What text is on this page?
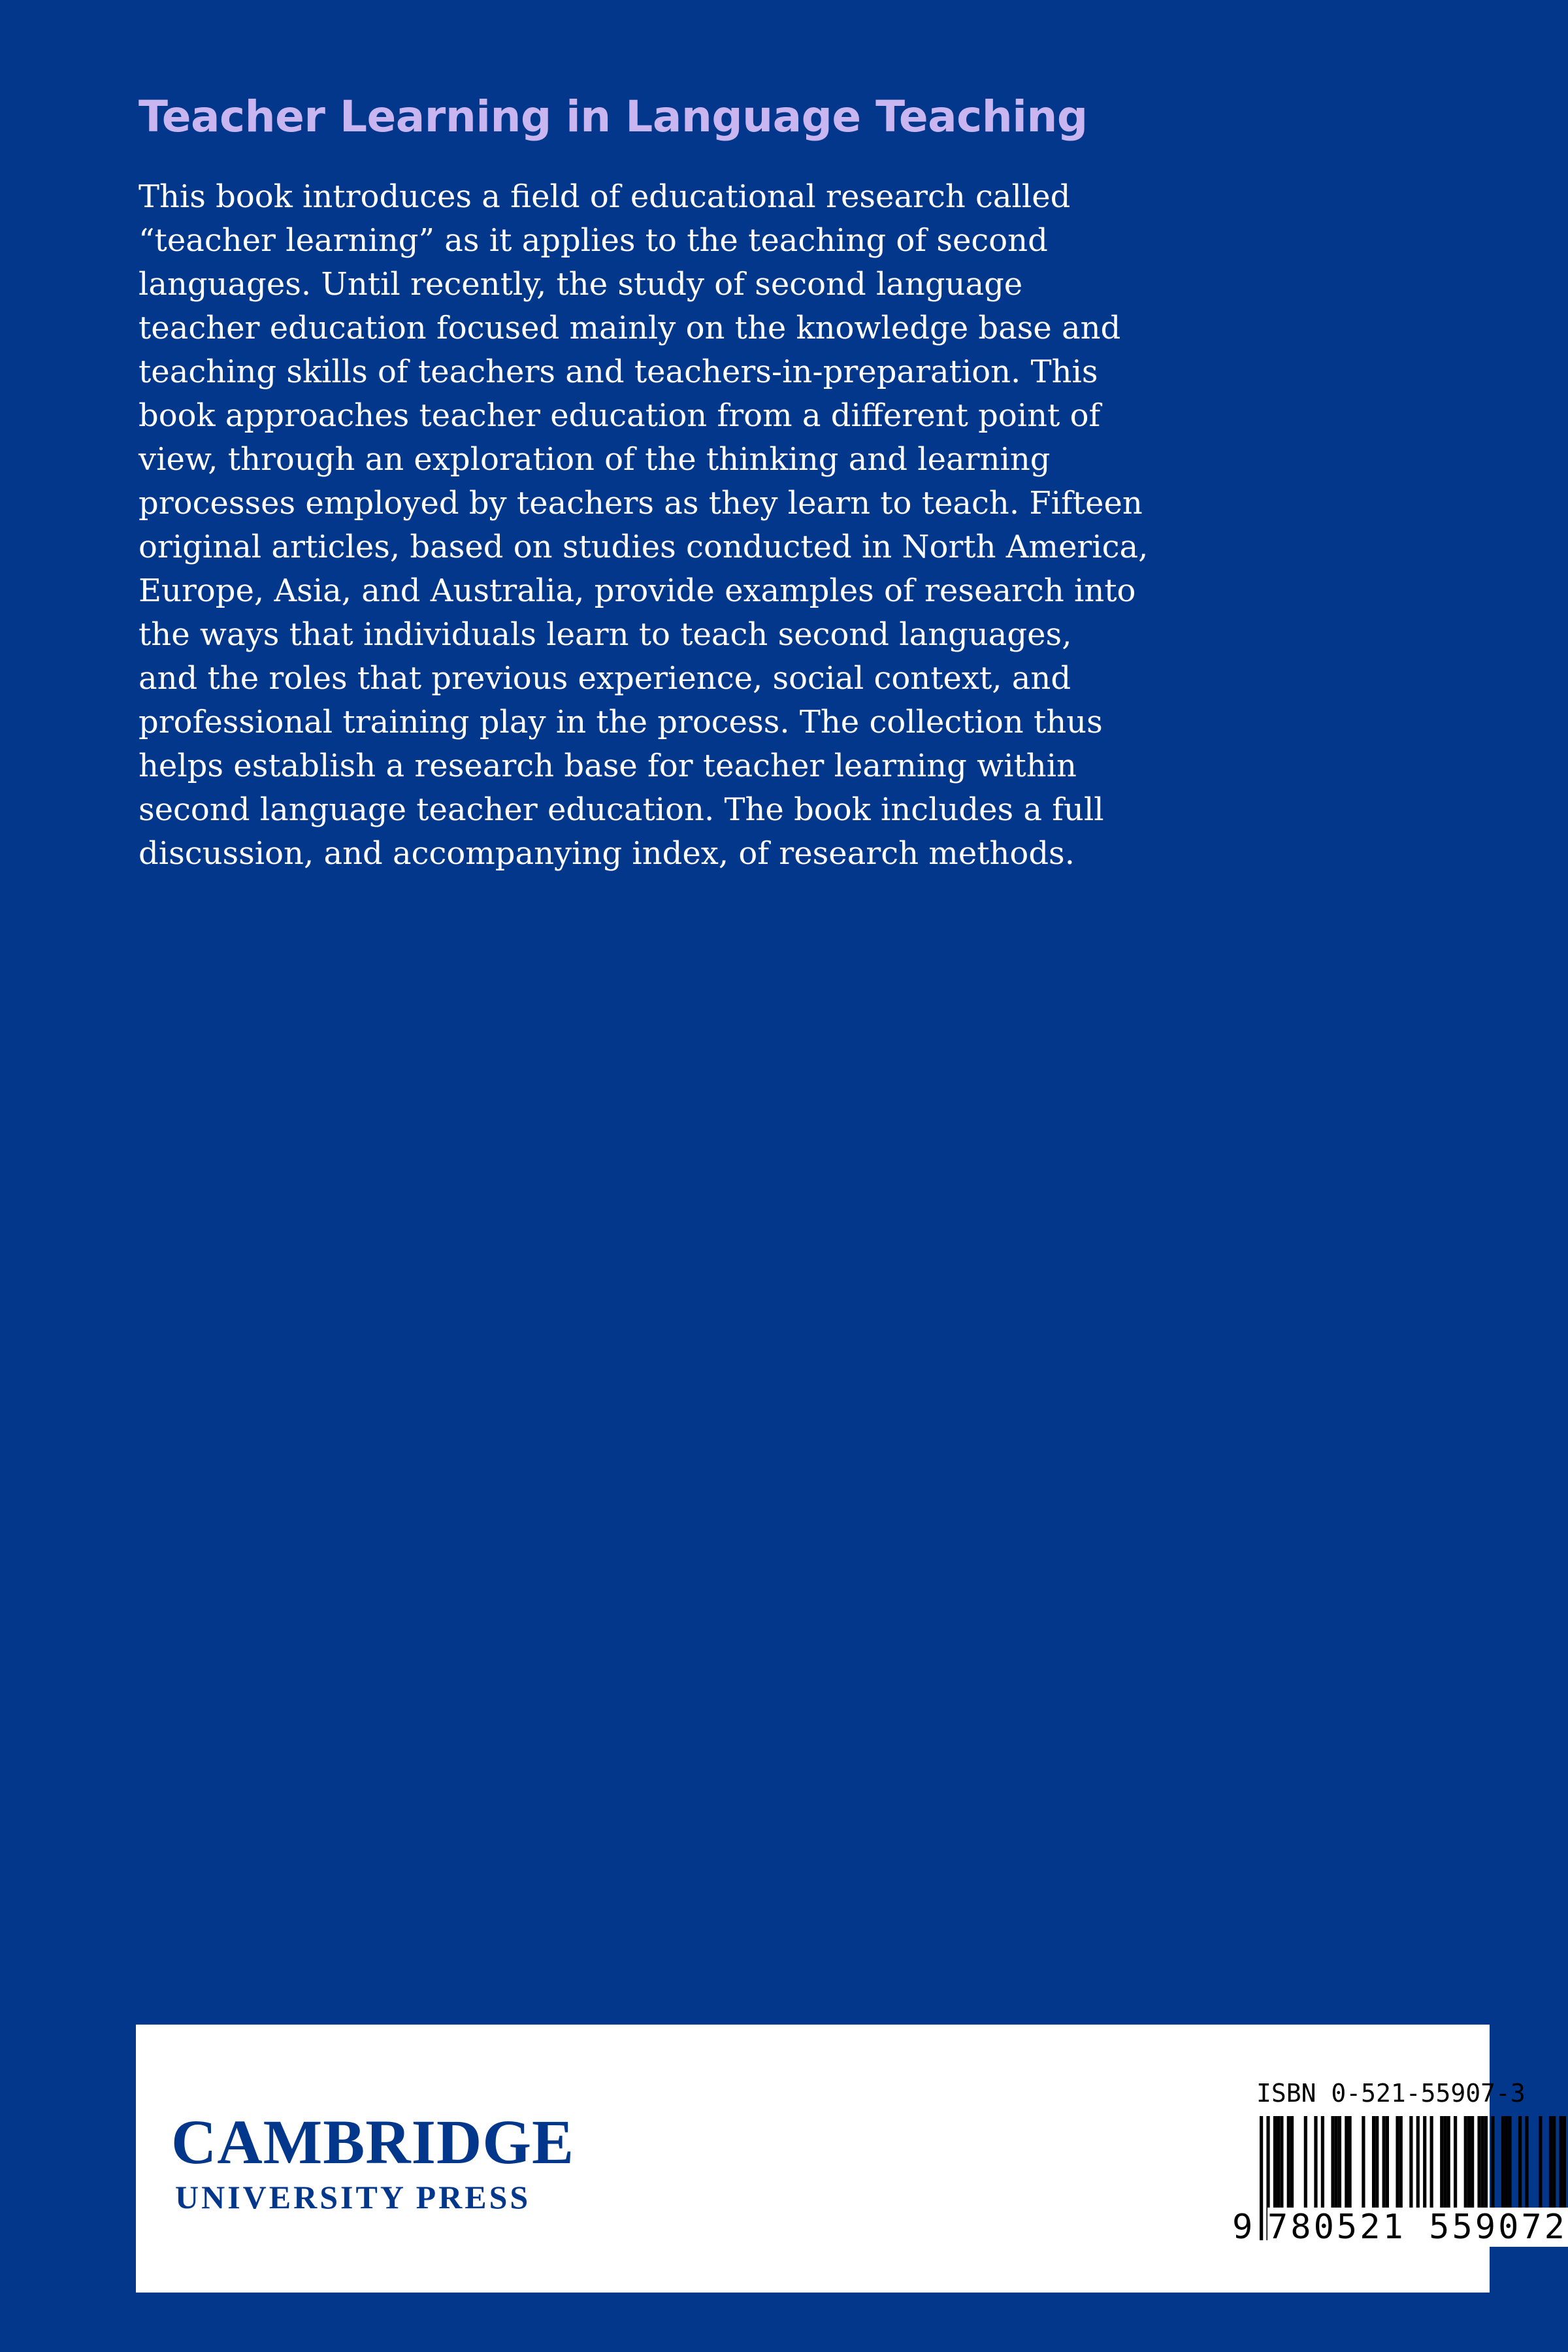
Teacher Learning in Language Teaching

This book introduces a field of educational research called
“teacher learning” as it applies to the teaching of second
languages. Until recently, the study of second language
teacher education focused mainly on the knowledge base and
teaching skills of teachers and teachers-in-preparation. This
book approaches teacher education from a different point of
view, through an exploration of the thinking and learning
processes employed by teachers as they learn to teach. Fifteen
original articles, based on studies conducted in North America,
Europe, Asia, and Australia, provide examples of research into
the ways that individuals learn to teach second languages,
and the roles that previous experience, social context, and
professional training play in the process. The collection thus
helps establish a research base for teacher learning within
second language teacher education. The book includes a full
discussion, and accompanying index, of research methods.

CAMBRIDGE
UNIVERSITY PRESS
ISBN 0-521-55907-3
9 780521 559072
